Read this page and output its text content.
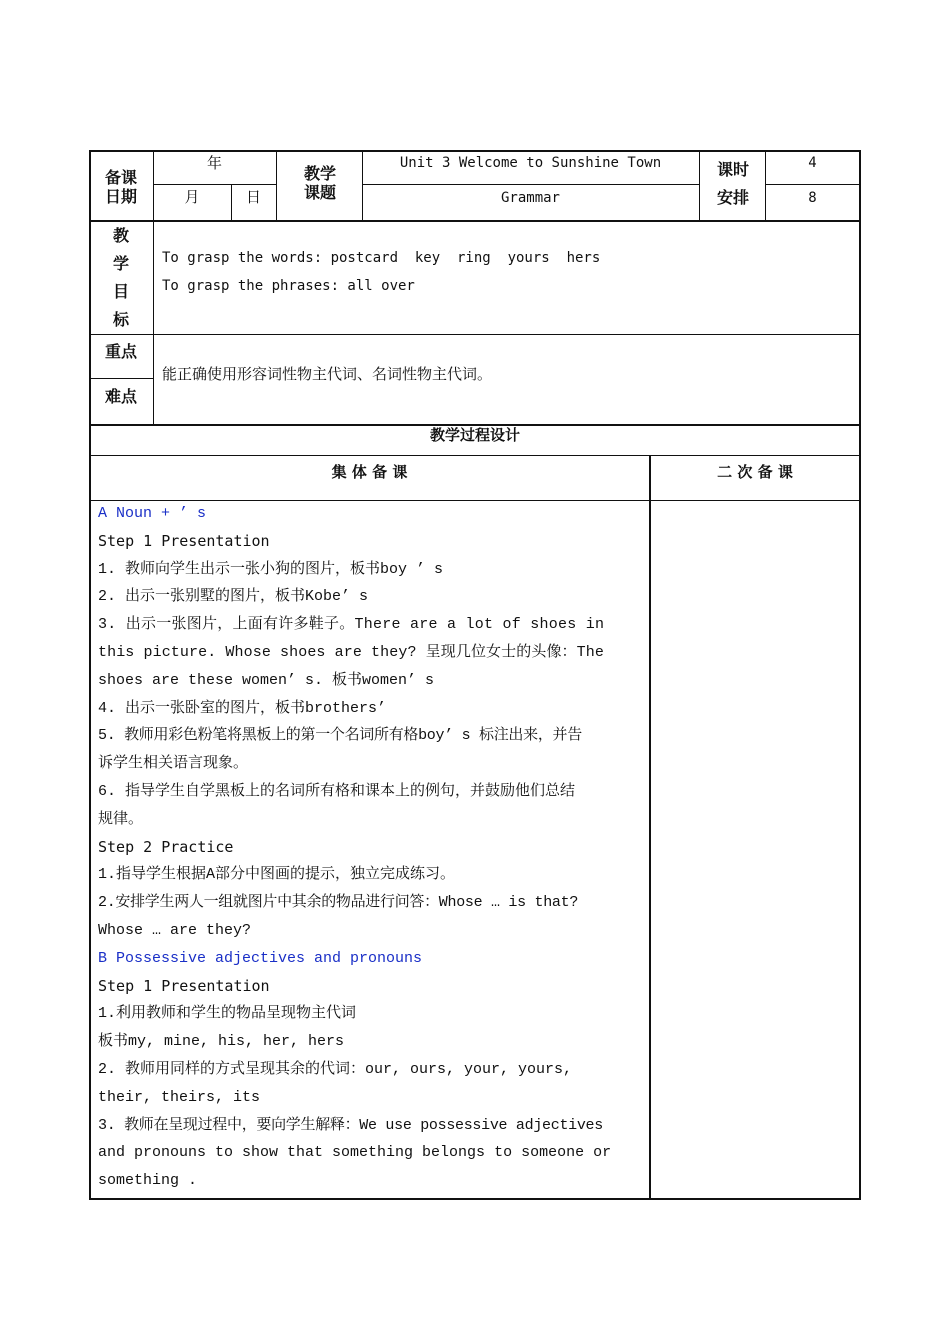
备课
日期
年
月	日
教学
课题
Unit 3 Welcome to Sunshine Town
Grammar
课时
安排
4
8
教
学
目
标
To grasp the words: postcard  key  ring  yours  hers
To grasp the phrases: all over
重点
难点
能正确使用形容词性物主代词、名词性物主代词。
教学过程设计
集 体 备 课	二 次 备 课
A Noun + ’ s
Step 1 Presentation
1. 教师向学生出示一张小狗的图片，板书boy ’ s
2. 出示一张别墅的图片，板书Kobe’ s
3. 出示一张图片，上面有许多鞋子。There are a lot of shoes in
this picture. Whose shoes are they? 呈现几位女士的头像：The
shoes are these women’ s. 板书women’ s
4. 出示一张卧室的图片，板书brothers’
5. 教师用彩色粉笔将黑板上的第一个名词所有格boy’ s 标注出来，并告
诉学生相关语言现象。
6. 指导学生自学黑板上的名词所有格和课本上的例句，并鼓励他们总结
规律。
Step 2 Practice
1.指导学生根据A部分中图画的提示，独立完成练习。
2.安排学生两人一组就图片中其余的物品进行问答：Whose … is that?
Whose … are they?
B Possessive adjectives and pronouns
Step 1 Presentation
1.利用教师和学生的物品呈现物主代词
板书my, mine, his, her, hers
2. 教师用同样的方式呈现其余的代词：our, ours, your, yours,
their, theirs, its
3. 教师在呈现过程中，要向学生解释：We use possessive adjectives
and pronouns to show that something belongs to someone or
something .
